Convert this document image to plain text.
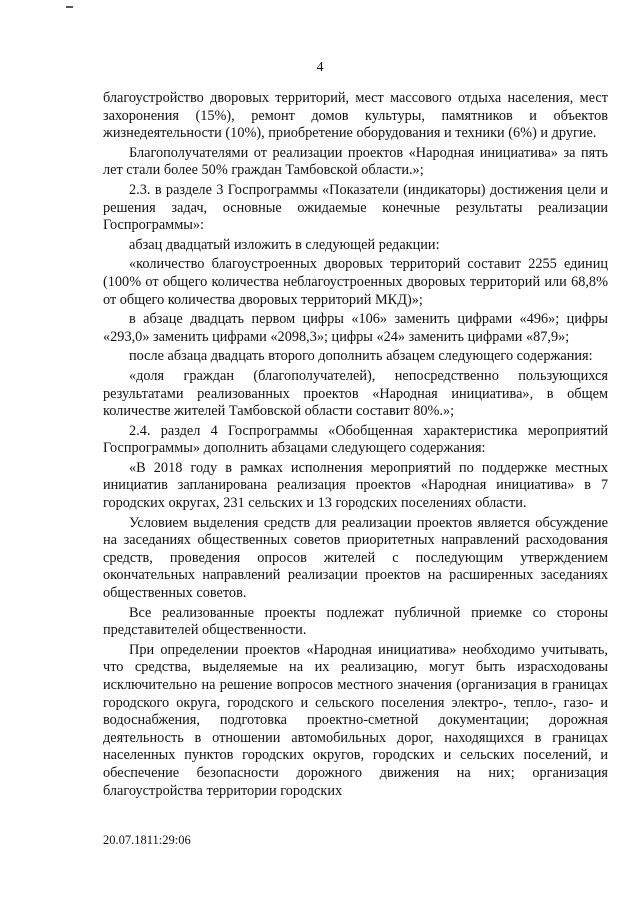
4

благоустройство дворовых территорий, мест массового отдыха населения, мест захоронения (15%), ремонт домов культуры, памятников и объектов жизнедеятельности (10%), приобретение оборудования и техники (6%) и другие.

Благополучателями от реализации проектов «Народная инициатива» за пять лет стали более 50% граждан Тамбовской области.»;

2.3. в разделе 3 Госпрограммы «Показатели (индикаторы) достижения цели и решения задач, основные ожидаемые конечные результаты реализации Госпрограммы»:

абзац двадцатый изложить в следующей редакции:

«количество благоустроенных дворовых территорий составит 2255 единиц (100% от общего количества неблагоустроенных дворовых территорий или 68,8% от общего количества дворовых территорий МКД)»;

в абзаце двадцать первом цифры «106» заменить цифрами «496»; цифры «293,0» заменить цифрами «2098,3»; цифры «24» заменить цифрами «87,9»;

после абзаца двадцать второго дополнить абзацем следующего содержания:

«доля граждан (благополучателей), непосредственно пользующихся результатами реализованных проектов «Народная инициатива», в общем количестве жителей Тамбовской области составит 80%.»;

2.4. раздел 4 Госпрограммы «Обобщенная характеристика мероприятий Госпрограммы» дополнить абзацами следующего содержания:

«В 2018 году в рамках исполнения мероприятий по поддержке местных инициатив запланирована реализация проектов «Народная инициатива» в 7 городских округах, 231 сельских и 13 городских поселениях области.

Условием выделения средств для реализации проектов является обсуждение на заседаниях общественных советов приоритетных направлений расходования средств, проведения опросов жителей с последующим утверждением окончательных направлений реализации проектов на расширенных заседаниях общественных советов.

Все реализованные проекты подлежат публичной приемке со стороны представителей общественности.

При определении проектов «Народная инициатива» необходимо учитывать, что средства, выделяемые на их реализацию, могут быть израсходованы исключительно на решение вопросов местного значения (организация в границах городского округа, городского и сельского поселения электро-, тепло-, газо- и водоснабжения, подготовка проектно-сметной документации; дорожная деятельность в отношении автомобильных дорог, находящихся в границах населенных пунктов городских округов, городских и сельских поселений, и обеспечение безопасности дорожного движения на них; организация благоустройства территории городских

20.07.1811:29:06
